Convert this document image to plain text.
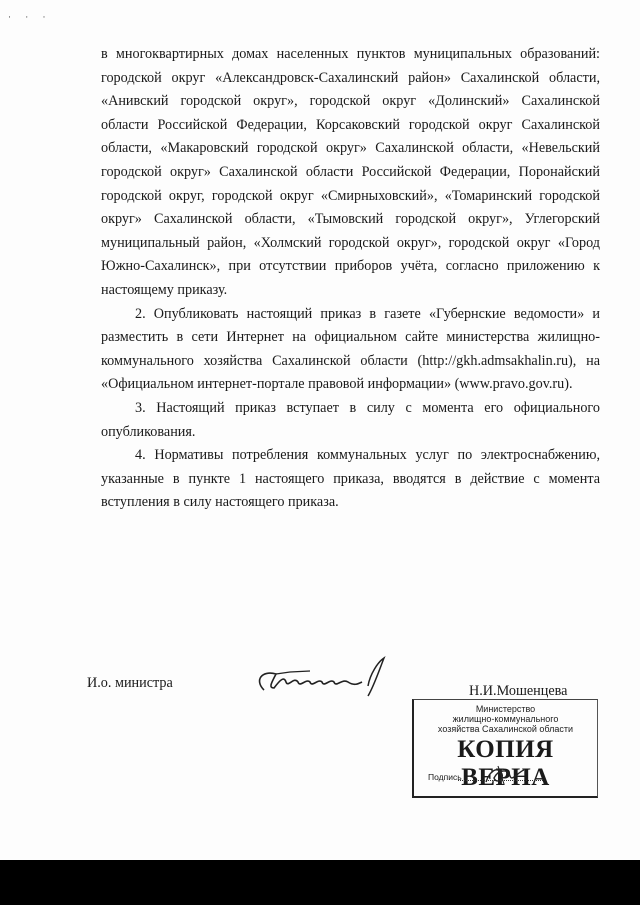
· · ·

в многоквартирных домах населенных пунктов муниципальных образований: городской округ «Александровск-Сахалинский район» Сахалинской области, «Анивский городской округ», городской округ «Долинский» Сахалинской области Российской Федерации, Корсаковский городской округ Сахалинской области, «Макаровский городской округ» Сахалинской области, «Невельский городской округ» Сахалинской области Российской Федерации, Поронайский городской округ, городской округ «Смирныховский», «Томаринский городской округ» Сахалинской области, «Тымовский городской округ», Углегорский муниципальный район, «Холмский городской округ», городской округ «Город Южно-Сахалинск», при отсутствии приборов учёта, согласно приложению к настоящему приказу.

2. Опубликовать настоящий приказ в газете «Губернские ведомости» и разместить в сети Интернет на официальном сайте министерства жилищно-коммунального хозяйства Сахалинской области (http://gkh.admsakhalin.ru), на «Официальном интернет-портале правовой информации» (www.pravo.gov.ru).

3. Настоящий приказ вступает в силу с момента его официального опубликования.

4. Нормативы потребления коммунальных услуг по электроснабжению, указанные в пункте 1 настоящего приказа, вводятся в действие с момента вступления в силу настоящего приказа.

И.о. министра	Н.И.Мошенцева
Министерство
жилищно-коммунального
хозяйства Сахалинской области
КОПИЯ ВЕРНА
Подпись
